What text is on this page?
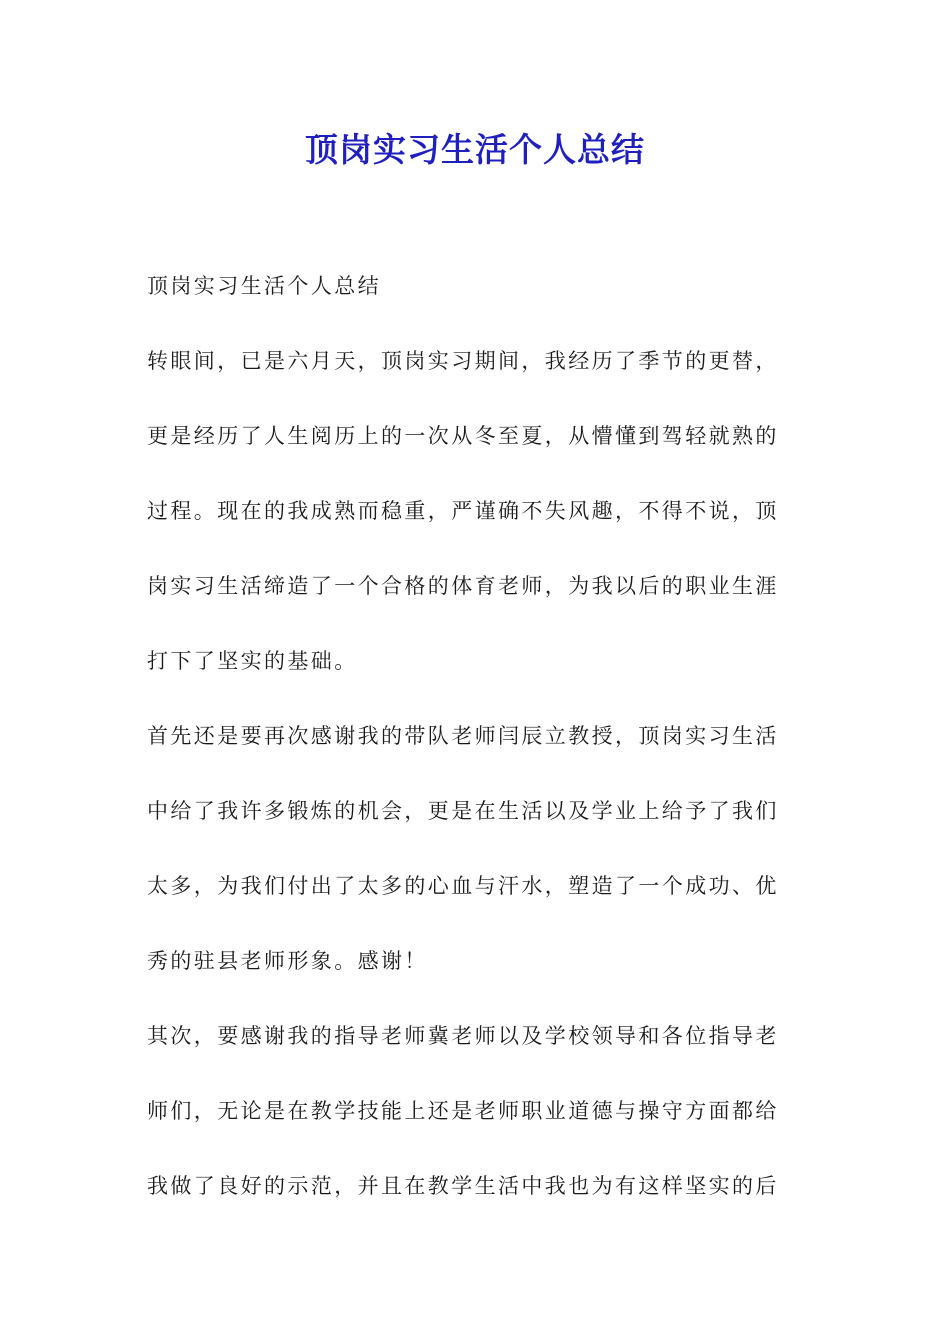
顶岗实习生活个人总结

顶岗实习生活个人总结

转眼间，已是六月天，顶岗实习期间，我经历了季节的更替，

更是经历了人生阅历上的一次从冬至夏，从懵懂到驾轻就熟的

过程。现在的我成熟而稳重，严谨确不失风趣，不得不说，顶

岗实习生活缔造了一个合格的体育老师，为我以后的职业生涯

打下了坚实的基础。

首先还是要再次感谢我的带队老师闫辰立教授，顶岗实习生活

中给了我许多锻炼的机会，更是在生活以及学业上给予了我们

太多，为我们付出了太多的心血与汗水，塑造了一个成功、优

秀的驻县老师形象。感谢！

其次，要感谢我的指导老师冀老师以及学校领导和各位指导老

师们，无论是在教学技能上还是老师职业道德与操守方面都给

我做了良好的示范，并且在教学生活中我也为有这样坚实的后
